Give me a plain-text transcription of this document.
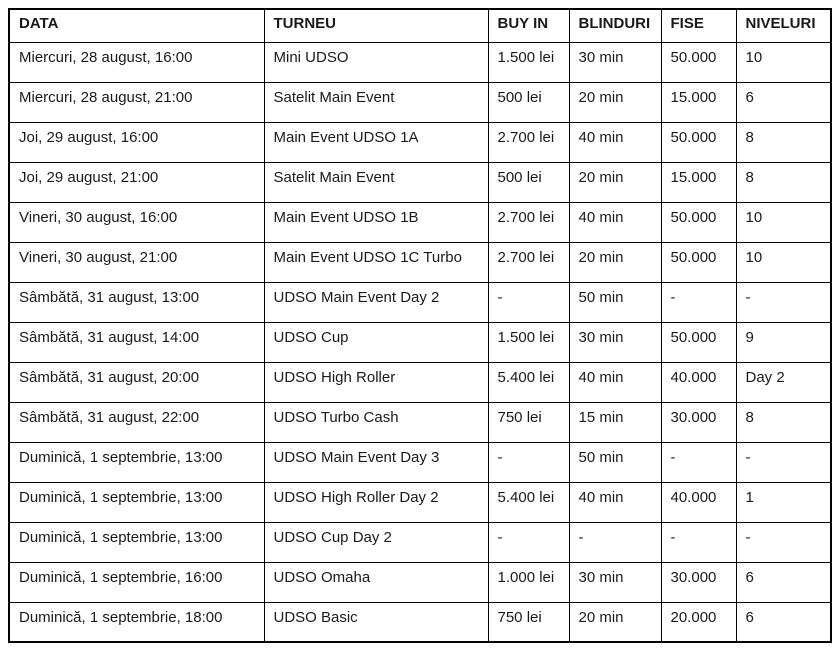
DATA	TURNEU	BUY IN	BLINDURI	FISE	NIVELURI
Miercuri, 28 august, 16:00	Mini UDSO	1.500 lei	30 min	50.000	10
Miercuri, 28 august, 21:00	Satelit Main Event	500 lei	20 min	15.000	6
Joi, 29 august, 16:00	Main Event UDSO 1A	2.700 lei	40 min	50.000	8
Joi, 29 august, 21:00	Satelit Main Event	500 lei	20 min	15.000	8
Vineri, 30 august, 16:00	Main Event UDSO 1B	2.700 lei	40 min	50.000	10
Vineri, 30 august, 21:00	Main Event UDSO 1C Turbo	2.700 lei	20 min	50.000	10
Sâmbătă, 31 august, 13:00	UDSO Main Event Day 2	-	50 min	-	-
Sâmbătă, 31 august, 14:00	UDSO Cup	1.500 lei	30 min	50.000	9
Sâmbătă, 31 august, 20:00	UDSO High Roller	5.400 lei	40 min	40.000	Day 2
Sâmbătă, 31 august, 22:00	UDSO Turbo Cash	750 lei	15 min	30.000	8
Duminică, 1 septembrie, 13:00	UDSO Main Event Day 3	-	50 min	-	-
Duminică, 1 septembrie, 13:00	UDSO High Roller Day 2	5.400 lei	40 min	40.000	1
Duminică, 1 septembrie, 13:00	UDSO Cup Day 2	-	-	-	-
Duminică, 1 septembrie, 16:00	UDSO Omaha	1.000 lei	30 min	30.000	6
Duminică, 1 septembrie, 18:00	UDSO Basic	750 lei	20 min	20.000	6
